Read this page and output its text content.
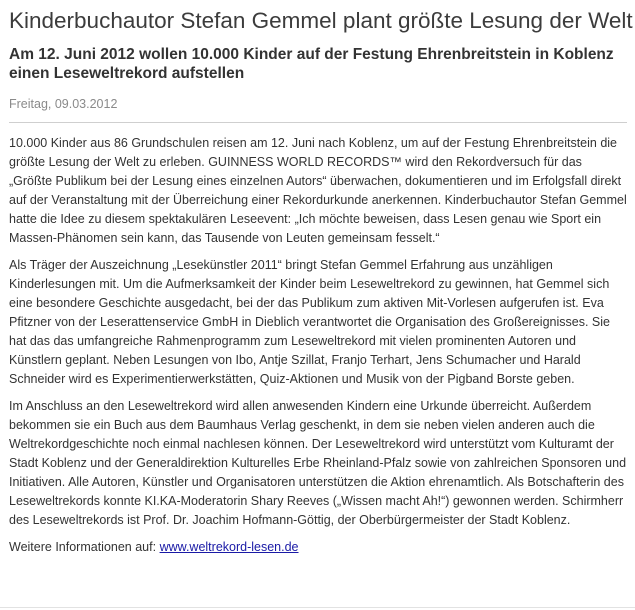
Kinderbuchautor Stefan Gemmel plant größte Lesung der Welt
Am 12. Juni 2012 wollen 10.000 Kinder auf der Festung Ehrenbreitstein in Koblenz einen Leseweltrekord aufstellen
Freitag, 09.03.2012

10.000 Kinder aus 86 Grundschulen reisen am 12. Juni nach Koblenz, um auf der Festung Ehrenbreitstein die größte Lesung der Welt zu erleben. GUINNESS WORLD RECORDS™ wird den Rekordversuch für das „Größte Publikum bei der Lesung eines einzelnen Autors“ überwachen, dokumentieren und im Erfolgsfall direkt auf der Veranstaltung mit der Überreichung einer Rekordurkunde anerkennen. Kinderbuchautor Stefan Gemmel hatte die Idee zu diesem spektakulären Leseevent: „Ich möchte beweisen, dass Lesen genau wie Sport ein Massen-Phänomen sein kann, das Tausende von Leuten gemeinsam fesselt.“

Als Träger der Auszeichnung „Lesekünstler 2011“ bringt Stefan Gemmel Erfahrung aus unzähligen Kinderlesungen mit. Um die Aufmerksamkeit der Kinder beim Leseweltrekord zu gewinnen, hat Gemmel sich eine besondere Geschichte ausgedacht, bei der das Publikum zum aktiven Mit-Vorlesen aufgerufen ist. Eva Pfitzner von der Leserattenservice GmbH in Dieblich verantwortet die Organisation des Großereignisses. Sie hat das das umfangreiche Rahmenprogramm zum Leseweltrekord mit vielen prominenten Autoren und Künstlern geplant. Neben Lesungen von Ibo, Antje Szillat, Franjo Terhart, Jens Schumacher und Harald Schneider wird es Experimentierwerkstätten, Quiz-Aktionen und Musik von der Pigband Borste geben.

Im Anschluss an den Leseweltrekord wird allen anwesenden Kindern eine Urkunde überreicht. Außerdem bekommen sie ein Buch aus dem Baumhaus Verlag geschenkt, in dem sie neben vielen anderen auch die Weltrekordgeschichte noch einmal nachlesen können. Der Leseweltrekord wird unterstützt vom Kulturamt der Stadt Koblenz und der Generaldirektion Kulturelles Erbe Rheinland-Pfalz sowie von zahlreichen Sponsoren und Initiativen. Alle Autoren, Künstler und Organisatoren unterstützen die Aktion ehrenamtlich. Als Botschafterin des Leseweltrekords konnte KI.KA-Moderatorin Shary Reeves („Wissen macht Ah!“) gewonnen werden. Schirmherr des Leseweltrekords ist Prof. Dr. Joachim Hofmann-Göttig, der Oberbürgermeister der Stadt Koblenz.

Weitere Informationen auf: www.weltrekord-lesen.de
